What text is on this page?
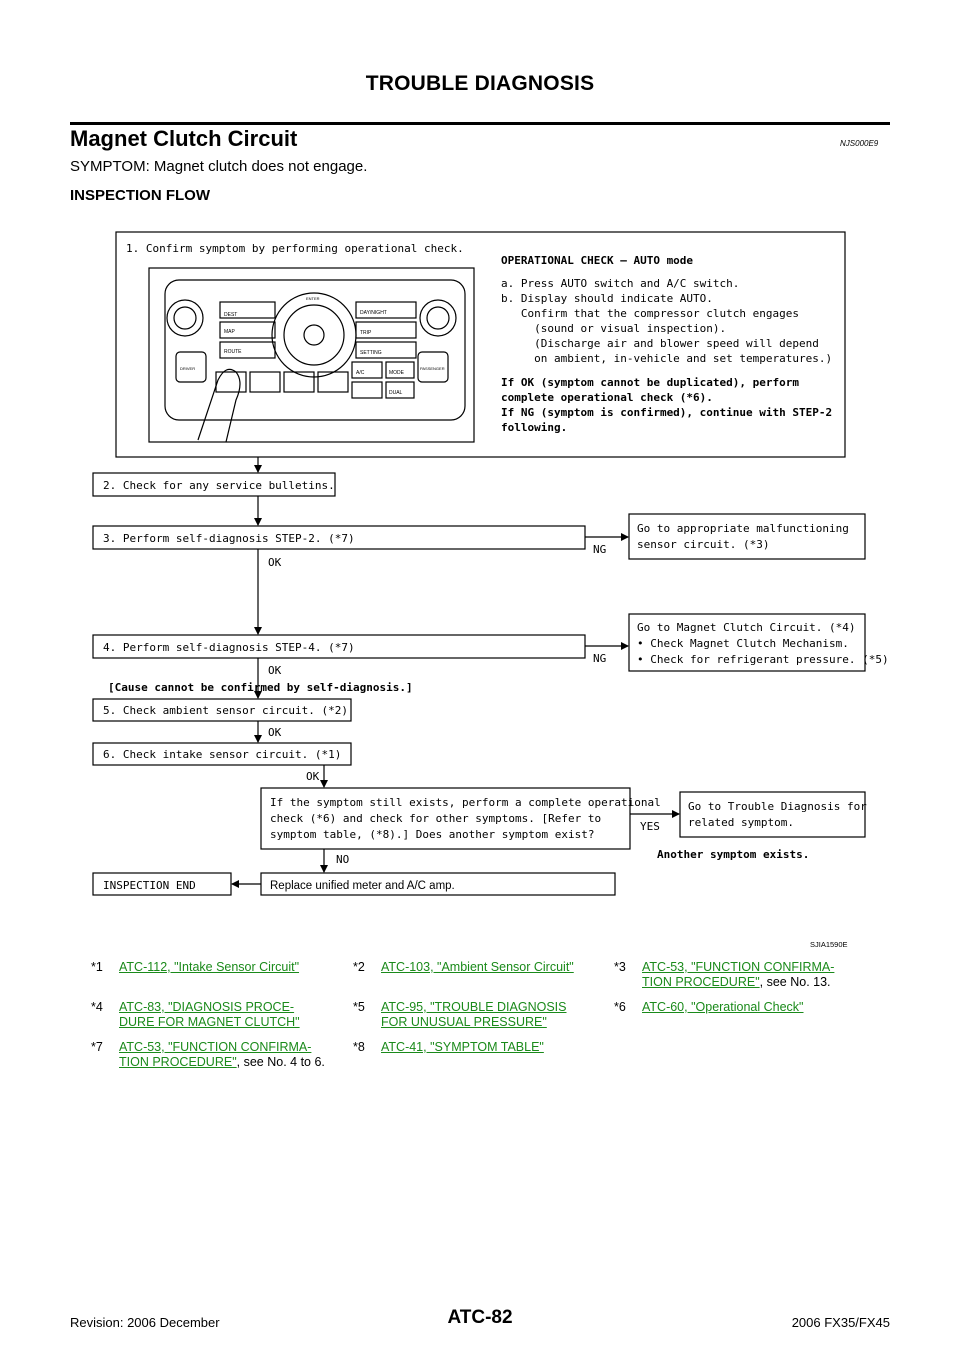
TROUBLE DIAGNOSIS
Magnet Clutch Circuit	NJS000E9
SYMPTOM: Magnet clutch does not engage.
INSPECTION FLOW
1. Confirm symptom by performing operational check.
OPERATIONAL CHECK – AUTO mode
a. Press AUTO switch and A/C switch.
b. Display should indicate AUTO.
Confirm that the compressor clutch engages
(sound or visual inspection).
(Discharge air and blower speed will depend
on ambient, in-vehicle and set temperatures.)
If OK (symptom cannot be duplicated), perform
complete operational check (*6).
If NG (symptom is confirmed), continue with STEP-2
following.
DEST	DAY/NIGHT
MAP	TRIP
ROUTE	SETTING
ENTER
A/C	MODE
DUAL
DRIVER	PASSENGER
2. Check for any service bulletins.
3. Perform self-diagnosis STEP-2. (*7)
NG
OK
Go to appropriate malfunctioning
sensor circuit. (*3)
4. Perform self-diagnosis STEP-4. (*7)
NG
Go to Magnet Clutch Circuit. (*4)
• Check Magnet Clutch Mechanism.
• Check for refrigerant pressure. (*5)
OK
[Cause cannot be confirmed by self-diagnosis.]
5. Check ambient sensor circuit. (*2)
OK
6. Check intake sensor circuit. (*1)
OK
If the symptom still exists, perform a complete operational
check (*6) and check for other symptoms. [Refer to
symptom table, (*8).] Does another symptom exist?
YES
Go to Trouble Diagnosis for
related symptom.
Another symptom exists.
NO
INSPECTION END	Replace unified meter and A/C amp.
SJIA1590E
*1 ATC-112, "Intake Sensor Circuit"	*2 ATC-103, "Ambient Sensor Circuit"	*3 ATC-53, "FUNCTION CONFIRMA-
TION PROCEDURE", see No. 13.
*4 ATC-83, "DIAGNOSIS PROCE-
DURE FOR MAGNET CLUTCH"
*5 ATC-95, "TROUBLE DIAGNOSIS
FOR UNUSUAL PRESSURE"
*6 ATC-60, "Operational Check"
*7 ATC-53, "FUNCTION CONFIRMA-
TION PROCEDURE", see No. 4 to 6.
*8 ATC-41, "SYMPTOM TABLE"
Revision: 2006 December	ATC-82	2006 FX35/FX45
